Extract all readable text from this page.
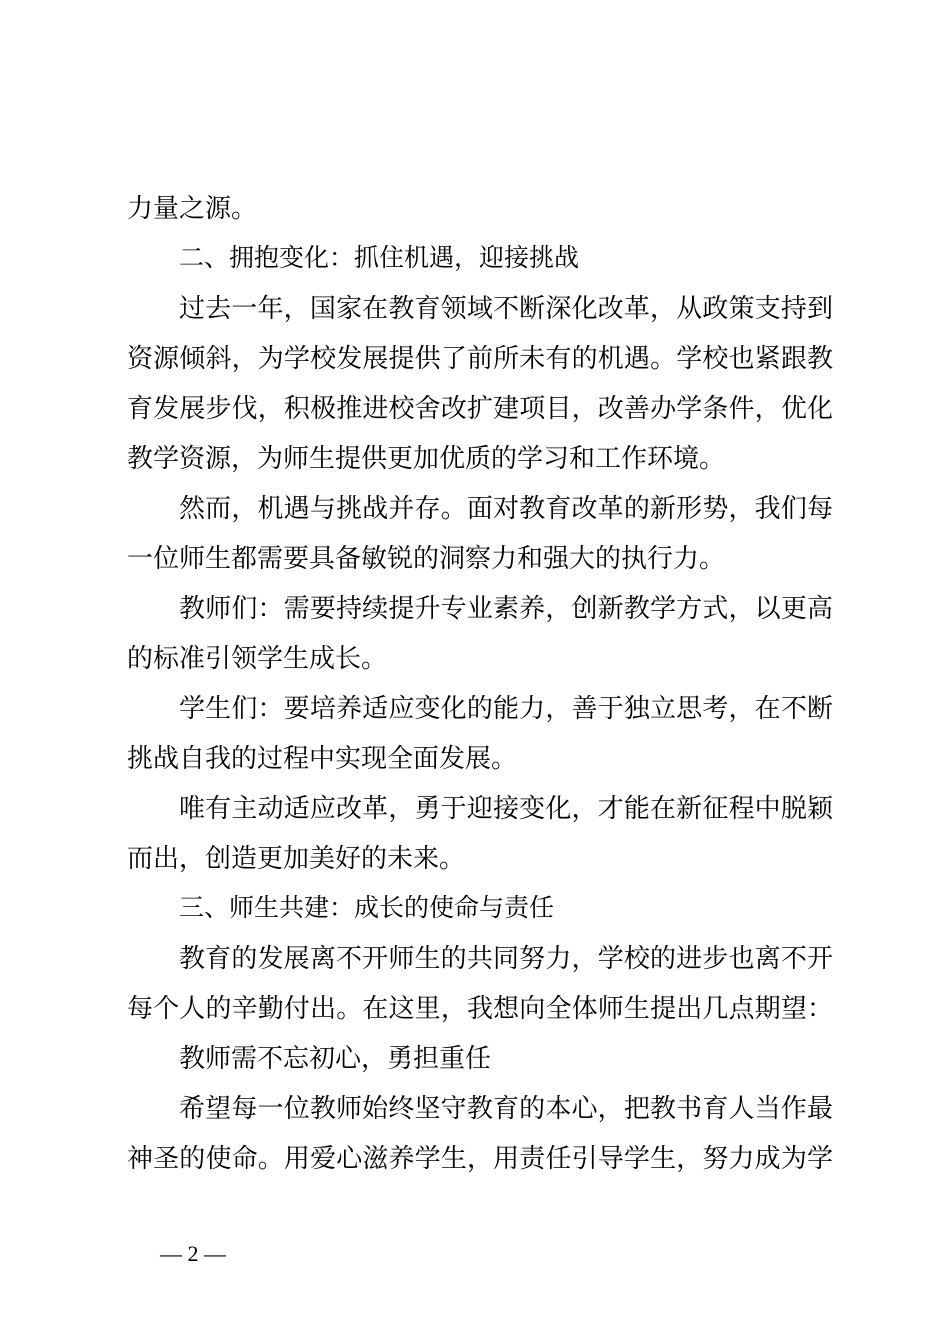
力量之源。
二、拥抱变化：抓住机遇，迎接挑战
过去一年，国家在教育领域不断深化改革，从政策支持到
资源倾斜，为学校发展提供了前所未有的机遇。学校也紧跟教
育发展步伐，积极推进校舍改扩建项目，改善办学条件，优化
教学资源，为师生提供更加优质的学习和工作环境。
然而，机遇与挑战并存。面对教育改革的新形势，我们每
一位师生都需要具备敏锐的洞察力和强大的执行力。
教师们：需要持续提升专业素养，创新教学方式，以更高
的标准引领学生成长。
学生们：要培养适应变化的能力，善于独立思考，在不断
挑战自我的过程中实现全面发展。
唯有主动适应改革，勇于迎接变化，才能在新征程中脱颖
而出，创造更加美好的未来。
三、师生共建：成长的使命与责任
教育的发展离不开师生的共同努力，学校的进步也离不开
每个人的辛勤付出。在这里，我想向全体师生提出几点期望：
教师需不忘初心，勇担重任
希望每一位教师始终坚守教育的本心，把教书育人当作最
神圣的使命。用爱心滋养学生，用责任引导学生，努力成为学
— 2 —
